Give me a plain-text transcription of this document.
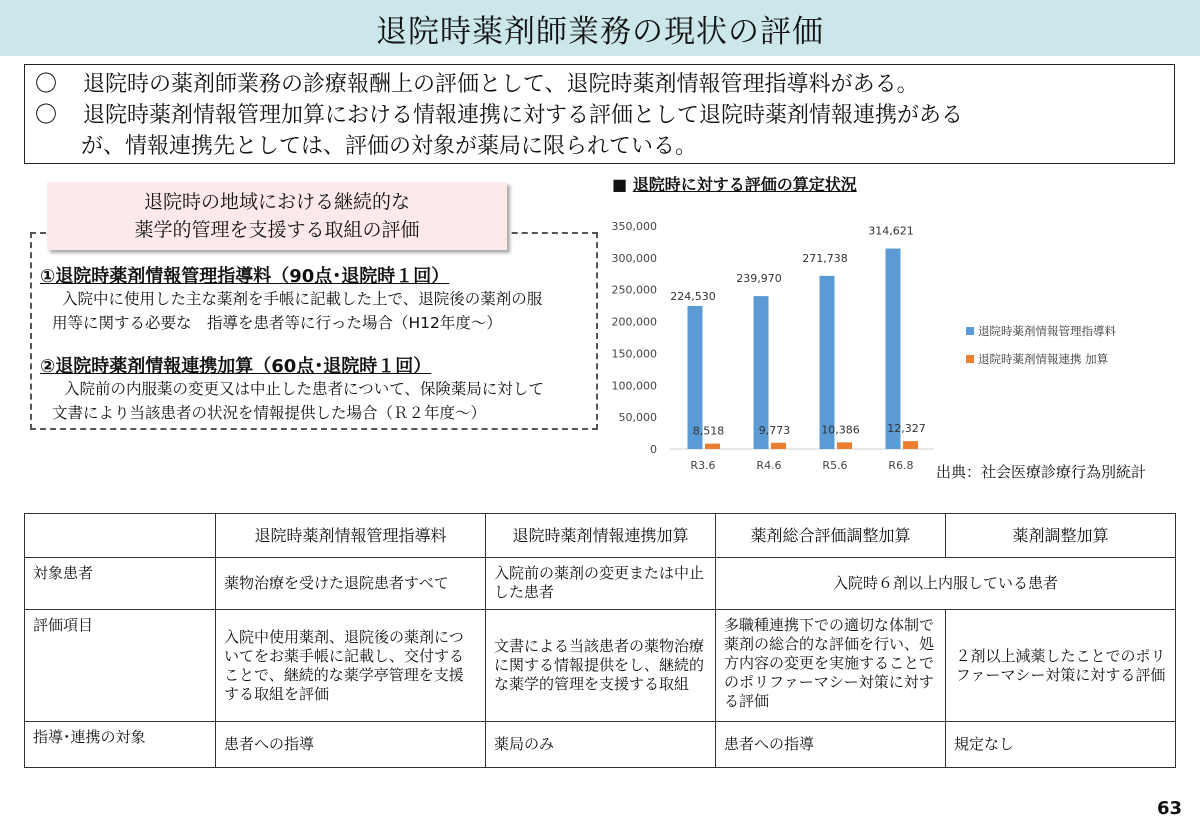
退院時薬剤師業務の現状の評価
〇 退院時の薬剤師業務の診療報酬上の評価として、退院時薬剤情報管理指導料がある。
〇 退院時薬剤情報管理加算における情報連携に対する評価として退院時薬剤情報連携がある
が、情報連携先としては、評価の対象が薬局に限られている。
退院時の地域における継続的な
薬学的管理を支援する取組の評価
①退院時薬剤情報管理指導料（90点･退院時１回）
入院中に使用した主な薬剤を手帳に記載した上で、退院後の薬剤の服
用等に関する必要な　指導を患者等に行った場合（H12年度～）
②退院時薬剤情報連携加算（60点･退院時１回）
入院前の内服薬の変更又は中止した患者について、保険薬局に対して
文書により当該患者の状況を情報提供した場合（Ｒ２年度～）
■ 退院時に対する評価の算定状況
0
50,000
100,000
150,000
200,000
250,000
300,000
350,000
R3.6
224,530
8,518
R4.6
239,970
9,773
R5.6
271,738
10,386
R6.8
314,621
12,327
退院時薬剤情報管理指導料
退院時薬剤情報連携 加算
出典：社会医療診療行為別統計
	退院時薬剤情報管理指導料	退院時薬剤情報連携加算	薬剤総合評価調整加算	薬剤調整加算
対象患者	薬物治療を受けた退院患者すべて	入院前の薬剤の変更または中止した患者	入院時６剤以上内服している患者	
評価項目	入院中使用薬剤、退院後の薬剤についてをお薬手帳に記載し、交付することで、継続的な薬学亭管理を支援する取組を評価	文書による当該患者の薬物治療に関する情報提供をし、継続的な薬学的管理を支援する取組	多職種連携下での適切な体制で薬剤の総合的な評価を行い、処方内容の変更を実施することでのポリファーマシー対策に対する評価	２剤以上減薬したことでのポリファーマシー対策に対する評価
指導･連携の対象	患者への指導	薬局のみ	患者への指導	規定なし
63
